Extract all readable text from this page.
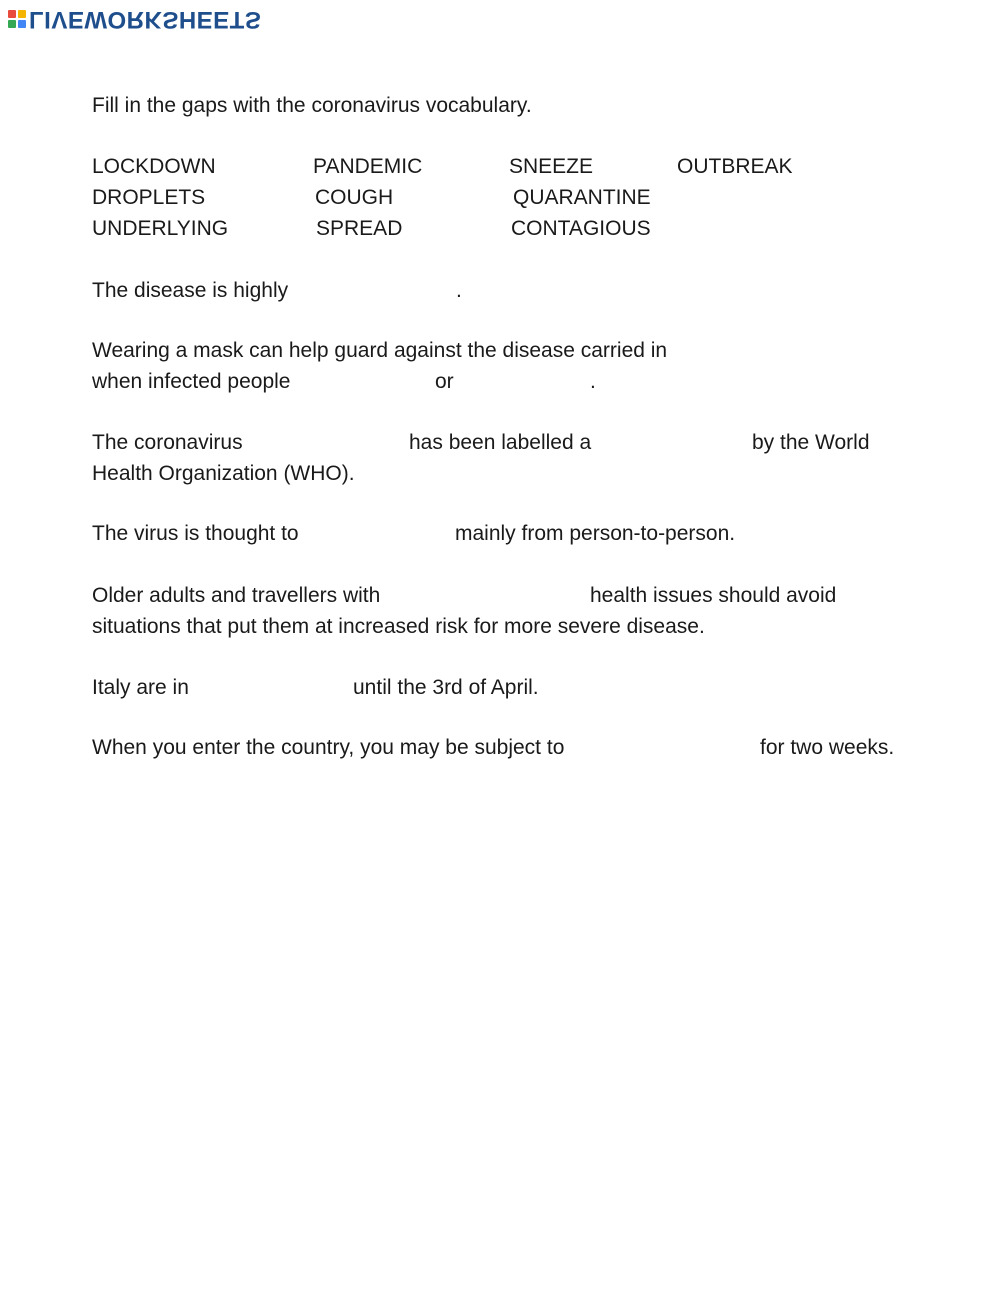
LIVEWORKSHEETS
Fill in the gaps with the coronavirus vocabulary.
LOCKDOWN	PANDEMIC	SNEEZE	OUTBREAK
DROPLETS	COUGH	QUARANTINE
UNDERLYING	SPREAD	CONTAGIOUS
The disease is highly	.
Wearing a mask can help guard against the disease carried in
when infected people	or	.
The coronavirus	has been labelled a	by the World
Health Organization (WHO).
The virus is thought to	mainly from person-to-person.
Older adults and travellers with	health issues should avoid
situations that put them at increased risk for more severe disease.
Italy are in	until the 3rd of April.
When you enter the country, you may be subject to	for two weeks.
